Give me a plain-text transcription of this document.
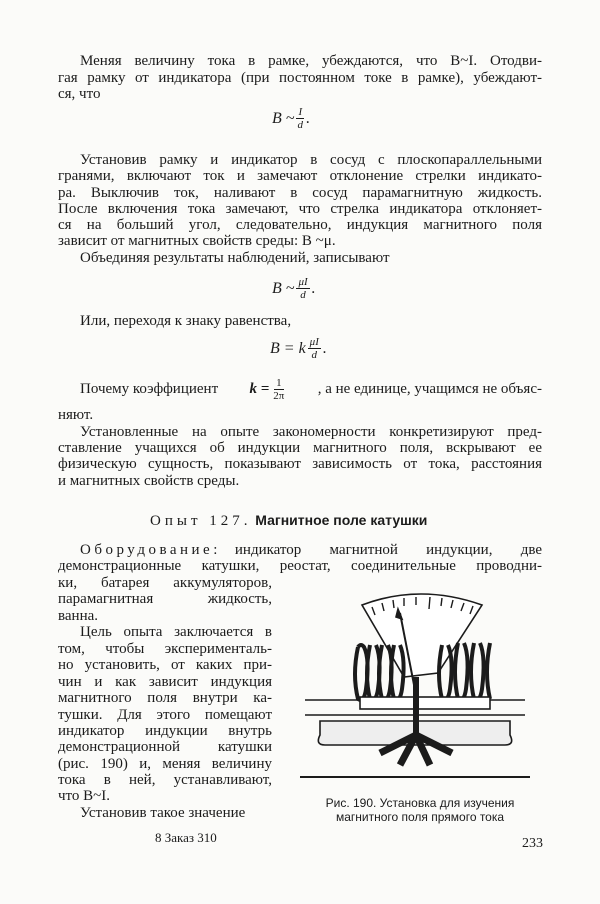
Меняя величину тока в рамке, убеждаются, что B~I. Отодви-
гая рамку от индикатора (при постоянном токе в рамке), убеждают-
ся, что
B ~ $\frac{I}{d}$ .
Установив рамку и индикатор в сосуд с плоскопараллельными
гранями, включают ток и замечают отклонение стрелки индикато-
ра. Выключив ток, наливают в сосуд парамагнитную жидкость.
После включения тока замечают, что стрелка индикатора отклоняет-
ся на больший угол, следовательно, индукция магнитного поля
зависит от магнитных свойств среды: B ~μ.
Объединяя результаты наблюдений, записывают
B ~ $\frac{\mu I}{d}$ .
Или, переходя к знаку равенства,
B = k $\frac{\mu I}{d}$ .
Почему коэффициент $k = \frac{1}{2\pi}$ , а не единице, учащимся не объяс-
няют.
Установленные на опыте закономерности конкретизируют пред-
ставление учащихся об индукции магнитного поля, вскрывают ее
физическую сущность, показывают зависимость от тока, расстояния
и магнитных свойств среды.
Опыт 127. Магнитное поле катушки
Оборудование: индикатор магнитной индукции, две
демонстрационные катушки, реостат, соединительные проводни-
ки, батарея аккумуляторов,
парамагнитная жидкость,
ванна.
Цель опыта заключается в
том, чтобы эксперименталь-
но установить, от каких при-
чин и как зависит индукция
магнитного поля внутри ка-
тушки. Для этого помещают
индикатор индукции внутрь
демонстрационной катушки
(рис. 190) и, меняя величину
тока в ней, устанавливают,
что B~I.
Установив такое значение
Рис. 190. Установка для изучения
магнитного поля прямого тока
8 Заказ 310	233
